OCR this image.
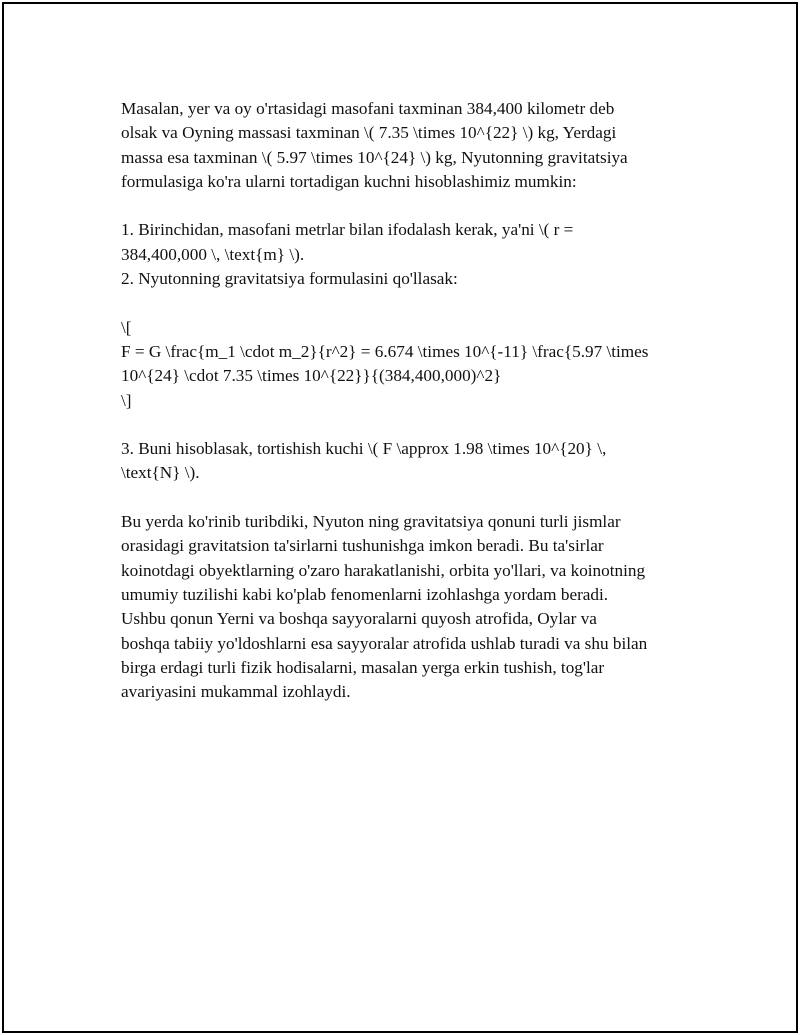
Masalan, yer va oy o'rtasidagi masofani taxminan 384,400 kilometr deb
olsak va Oyning massasi taxminan \( 7.35 \times 10^{22} \) kg, Yerdagi
massa esa taxminan \( 5.97 \times 10^{24} \) kg, Nyutonning gravitatsiya
formulasiga ko'ra ularni tortadigan kuchni hisoblashimiz mumkin:
1. Birinchidan, masofani metrlar bilan ifodalash kerak, ya'ni \( r =
384,400,000 \, \text{m} \).
2. Nyutonning gravitatsiya formulasini qo'llasak:
\[
F = G \frac{m_1 \cdot m_2}{r^2} = 6.674 \times 10^{-11} \frac{5.97 \times
10^{24} \cdot 7.35 \times 10^{22}}{(384,400,000)^2}
\]
3. Buni hisoblasak, tortishish kuchi \( F \approx 1.98 \times 10^{20} \,
\text{N} \).
Bu yerda ko'rinib turibdiki, Nyuton ning gravitatsiya qonuni turli jismlar
orasidagi gravitatsion ta'sirlarni tushunishga imkon beradi. Bu ta'sirlar
koinotdagi obyektlarning o'zaro harakatlanishi, orbita yo'llari, va koinotning
umumiy tuzilishi kabi ko'plab fenomenlarni izohlashga yordam beradi.
Ushbu qonun Yerni va boshqa sayyoralarni quyosh atrofida, Oylar va
boshqa tabiiy yo'ldoshlarni esa sayyoralar atrofida ushlab turadi va shu bilan
birga erdagi turli fizik hodisalarni, masalan yerga erkin tushish, tog'lar
avariyasini mukammal izohlaydi.
